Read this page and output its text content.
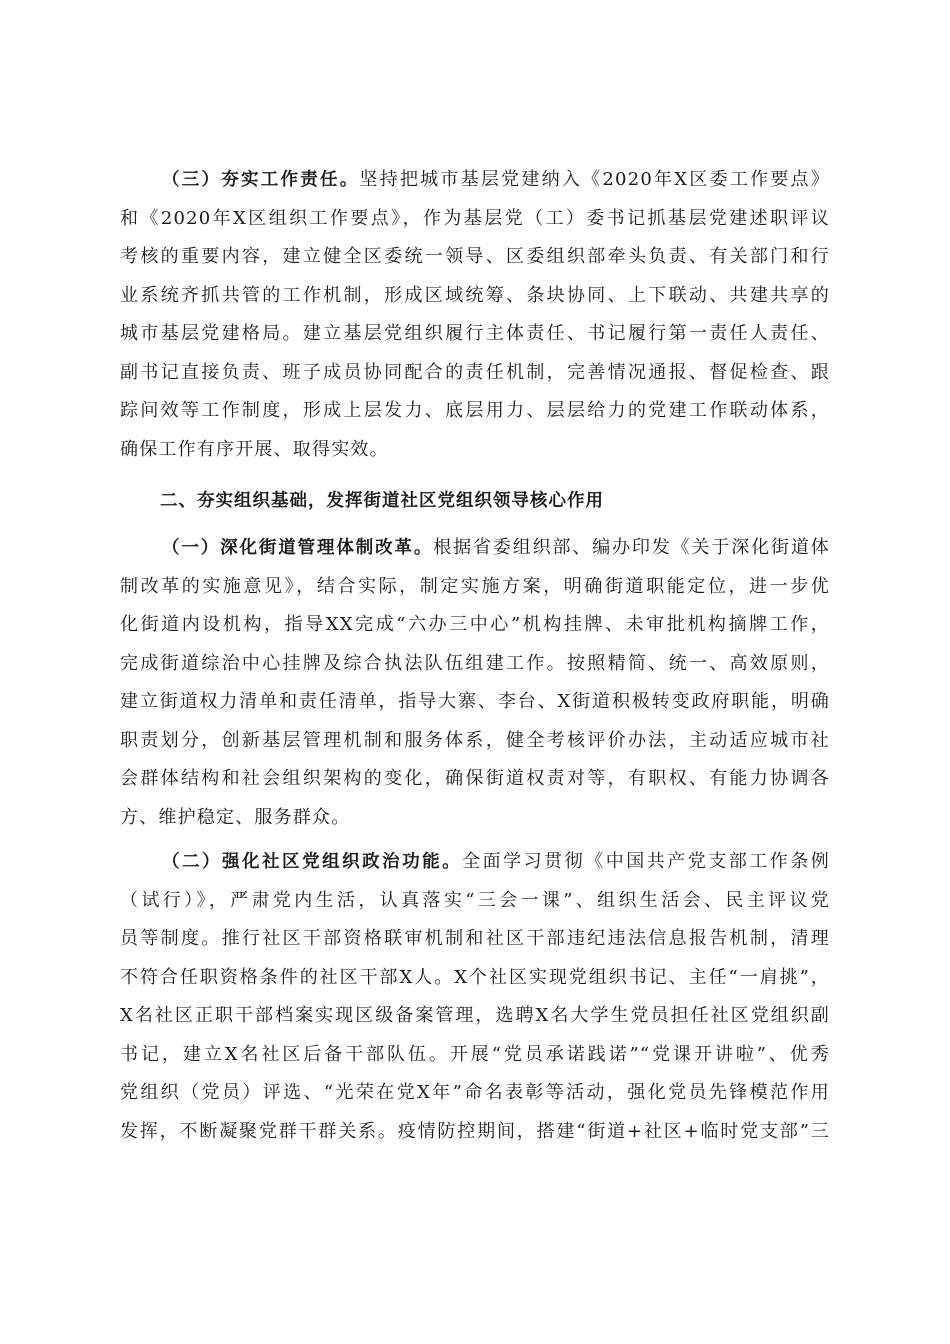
（三）夯实工作责任。坚持把城市基层党建纳入《2020年X区委工作要点》
和《2020年X区组织工作要点》，作为基层党（工）委书记抓基层党建述职评议
考核的重要内容，建立健全区委统一领导、区委组织部牵头负责、有关部门和行
业系统齐抓共管的工作机制，形成区域统筹、条块协同、上下联动、共建共享的
城市基层党建格局。建立基层党组织履行主体责任、书记履行第一责任人责任、
副书记直接负责、班子成员协同配合的责任机制，完善情况通报、督促检查、跟
踪问效等工作制度，形成上层发力、底层用力、层层给力的党建工作联动体系，
确保工作有序开展、取得实效。
二、夯实组织基础，发挥街道社区党组织领导核心作用
（一）深化街道管理体制改革。根据省委组织部、编办印发《关于深化街道体
制改革的实施意见》，结合实际，制定实施方案，明确街道职能定位，进一步优
化街道内设机构，指导XX完成“六办三中心”机构挂牌、未审批机构摘牌工作，
完成街道综治中心挂牌及综合执法队伍组建工作。按照精简、统一、高效原则，
建立街道权力清单和责任清单，指导大寨、李台、X街道积极转变政府职能，明确
职责划分，创新基层管理机制和服务体系，健全考核评价办法，主动适应城市社
会群体结构和社会组织架构的变化，确保街道权责对等，有职权、有能力协调各
方、维护稳定、服务群众。
（二）强化社区党组织政治功能。全面学习贯彻《中国共产党支部工作条例
（试行）》，严肃党内生活，认真落实“三会一课”、组织生活会、民主评议党
员等制度。推行社区干部资格联审机制和社区干部违纪违法信息报告机制，清理
不符合任职资格条件的社区干部X人。X个社区实现党组织书记、主任“一肩挑”，
X名社区正职干部档案实现区级备案管理，选聘X名大学生党员担任社区党组织副
书记，建立X名社区后备干部队伍。开展“党员承诺践诺”“党课开讲啦”、优秀
党组织（党员）评选、“光荣在党X年”命名表彰等活动，强化党员先锋模范作用
发挥，不断凝聚党群干群关系。疫情防控期间，搭建“街道+社区+临时党支部”三
